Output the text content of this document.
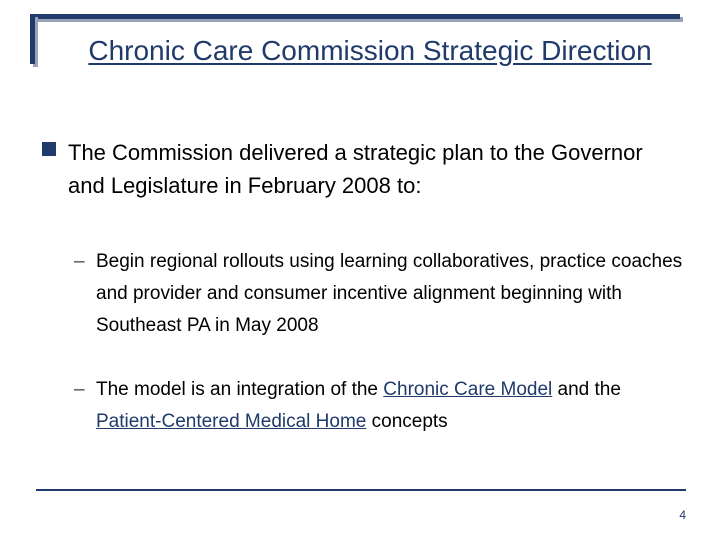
Chronic Care Commission Strategic Direction
The Commission delivered a strategic plan to the Governor and Legislature in February 2008 to:
– Begin regional rollouts using learning collaboratives, practice coaches and provider and consumer incentive alignment beginning with Southeast PA in May 2008
– The model is an integration of the Chronic Care Model and the Patient-Centered Medical Home concepts
4
